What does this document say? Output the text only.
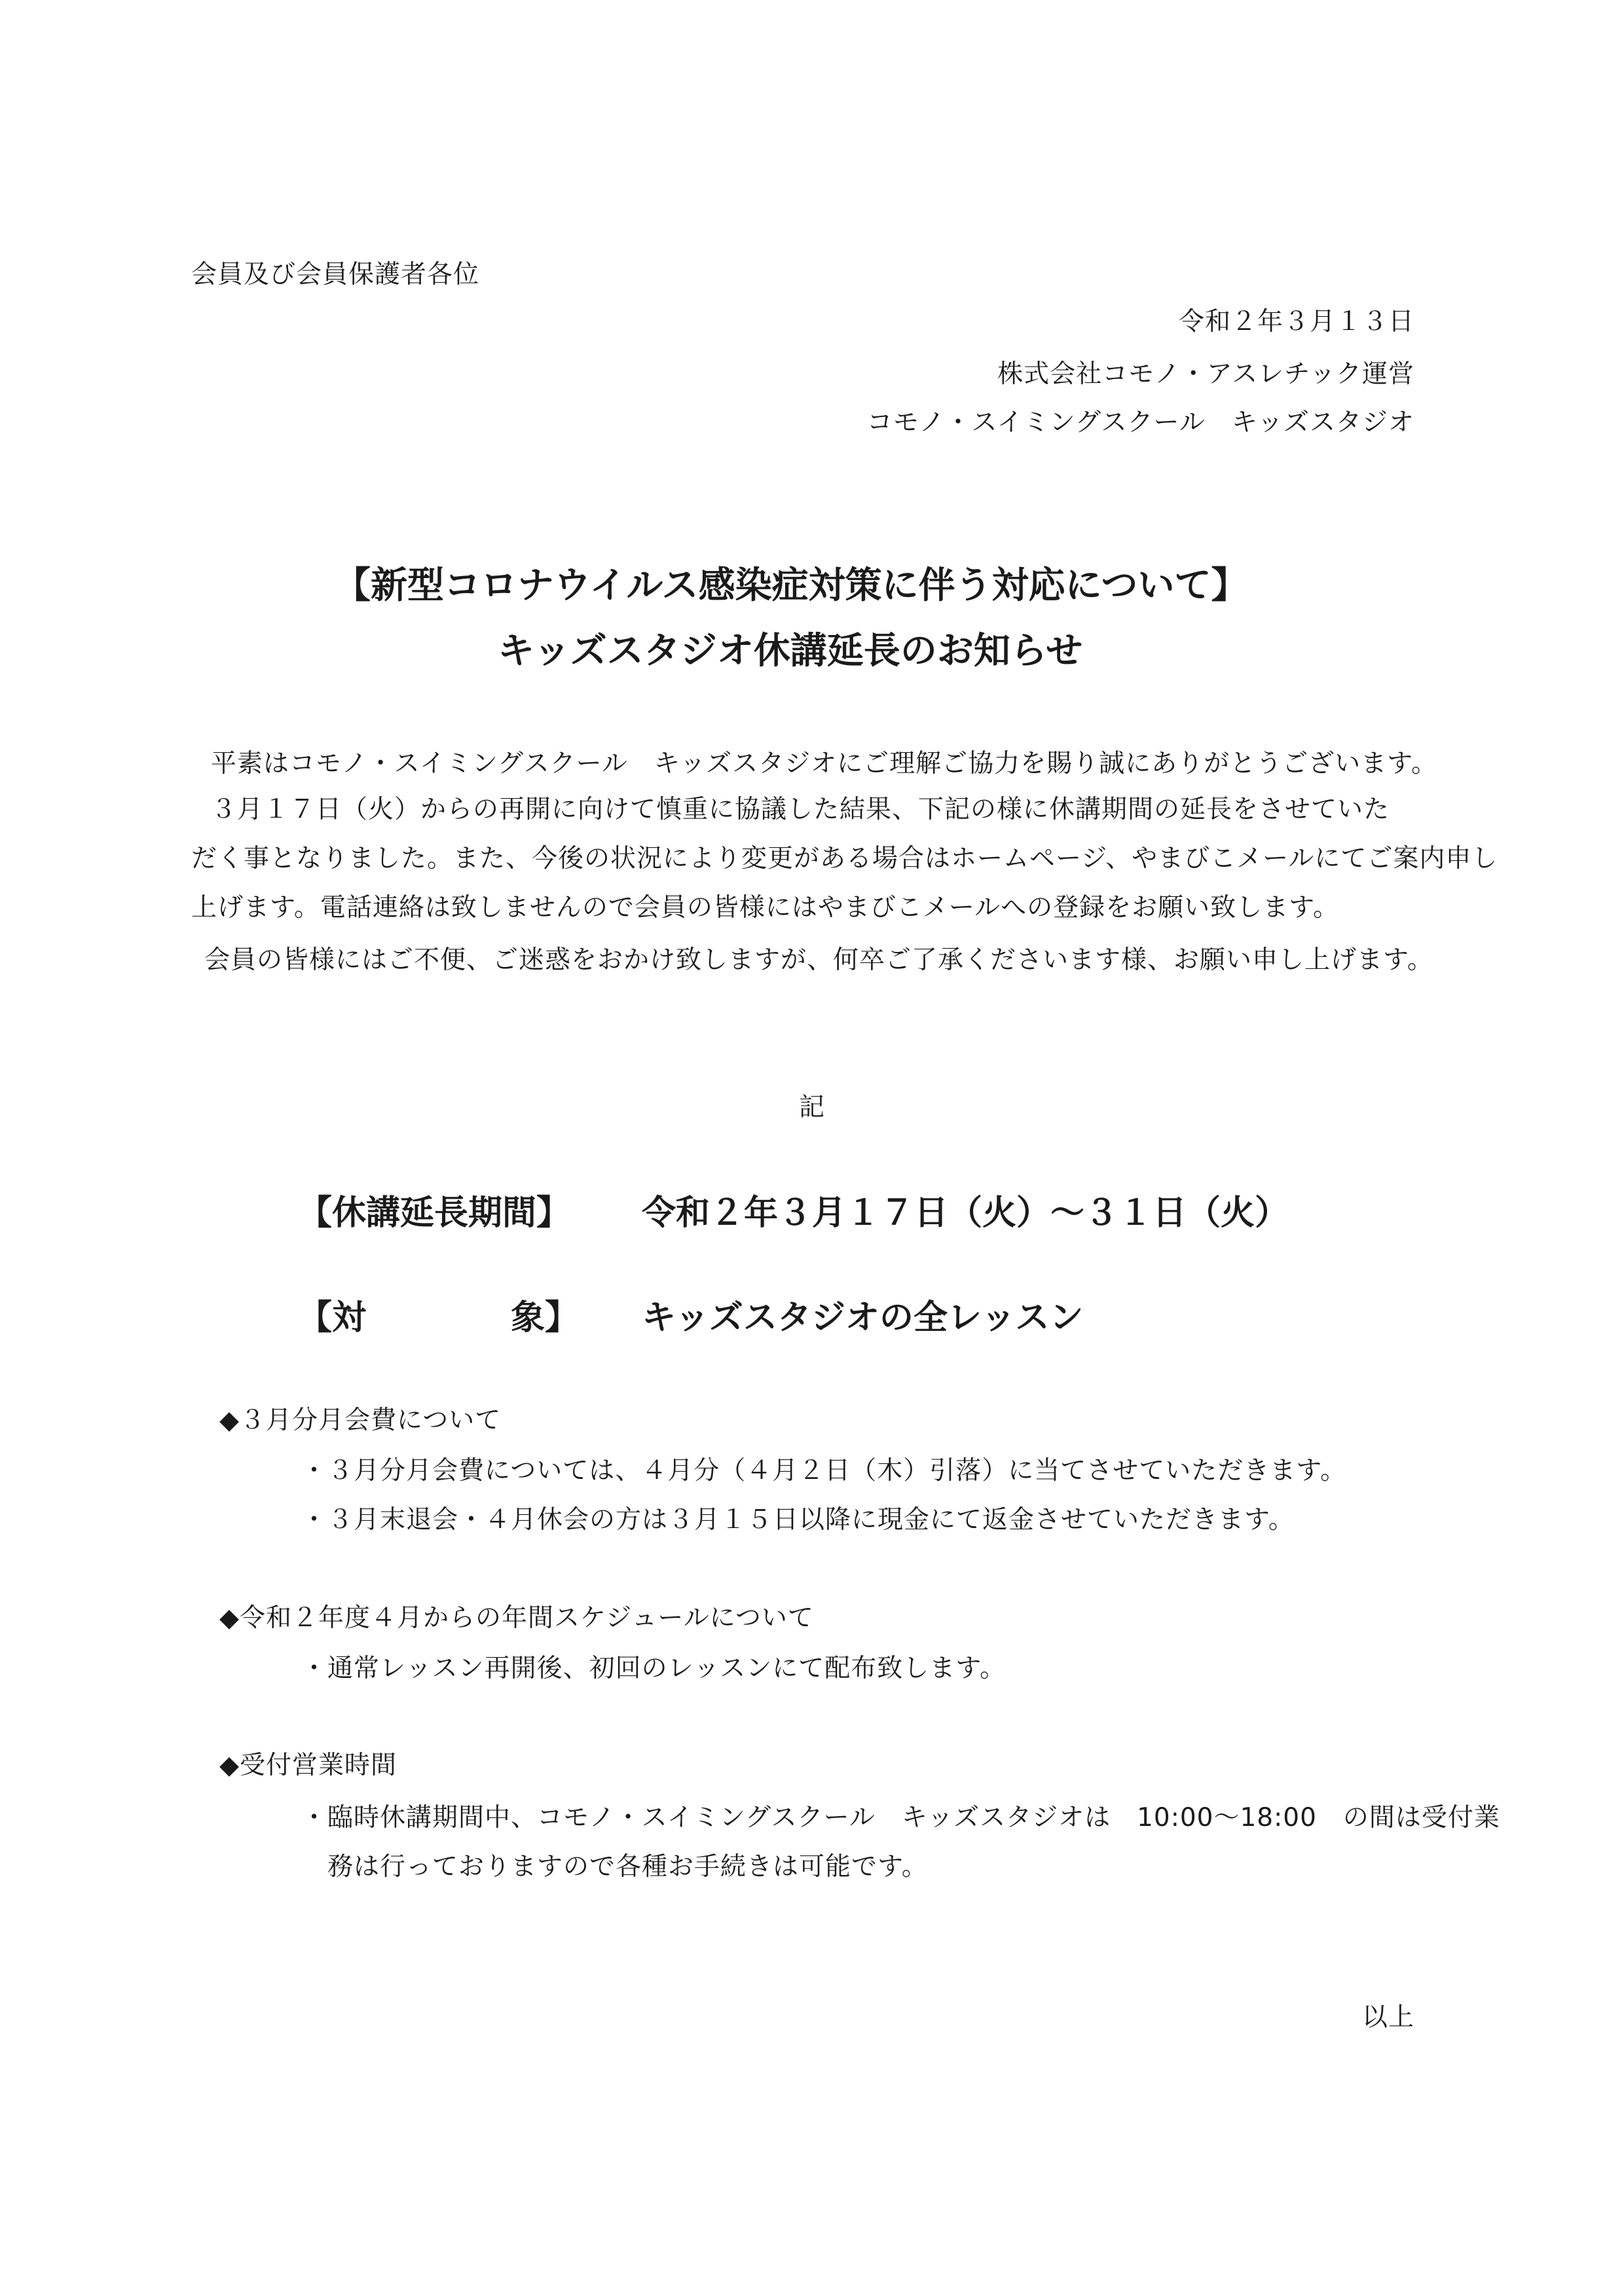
会員及び会員保護者各位

令和２年３月１３日

株式会社コモノ・アスレチック運営

コモノ・スイミングスクール　キッズスタジオ

【新型コロナウイルス感染症対策に伴う対応について】

キッズスタジオ休講延長のお知らせ

平素はコモノ・スイミングスクール　キッズスタジオにご理解ご協力を賜り誠にありがとうございます。

３月１７日（火）からの再開に向けて慎重に協議した結果、下記の様に休講期間の延長をさせていた

だく事となりました。また、今後の状況により変更がある場合はホームページ、やまびこメールにてご案内申し

上げます。電話連絡は致しませんので会員の皆様にはやまびこメールへの登録をお願い致します。

会員の皆様にはご不便、ご迷惑をおかけ致しますが、何卒ご了承くださいます様、お願い申し上げます。

記

【休講延長期間】 令和２年３月１７日（火）～３１日（火）

【対	象】 キッズスタジオの全レッスン

◆３月分月会費について

・３月分月会費については、４月分（４月２日（木）引落）に当てさせていただきます。

・３月末退会・４月休会の方は３月１５日以降に現金にて返金させていただきます。

◆令和２年度４月からの年間スケジュールについて

・通常レッスン再開後、初回のレッスンにて配布致します。

◆受付営業時間

・臨時休講期間中、コモノ・スイミングスクール　キッズスタジオは　10:00～18:00　の間は受付業

　務は行っておりますので各種お手続きは可能です。

以上
